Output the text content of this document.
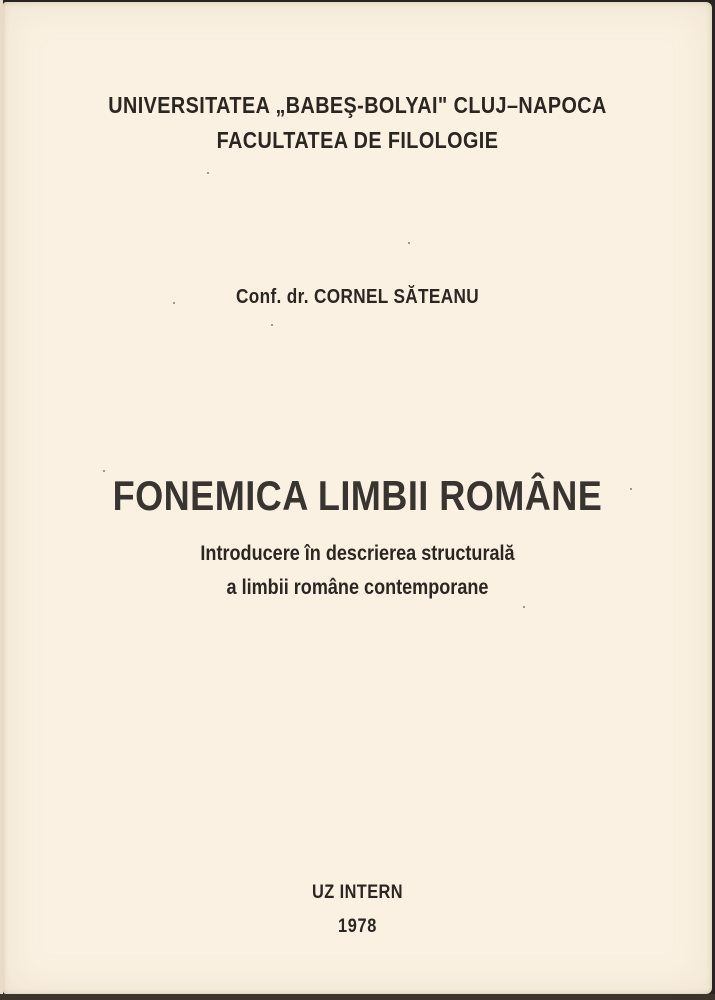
UNIVERSITATEA „BABEŞ-BOLYAI" CLUJ–NAPOCA
FACULTATEA DE FILOLOGIE
Conf. dr. CORNEL SĂTEANU
FONEMICA LIMBII ROMÂNE
Introducere în descrierea structurală
a limbii române contemporane
UZ INTERN
1978
